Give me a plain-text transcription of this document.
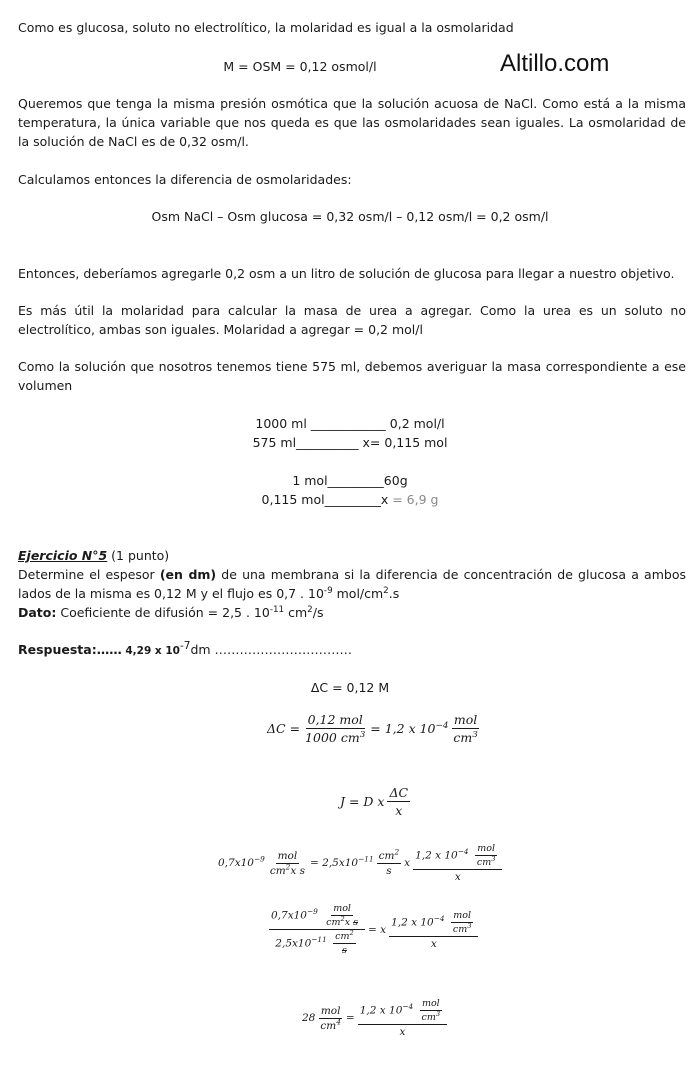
Altillo.com
Como es glucosa, soluto no electrolítico, la molaridad es igual a la osmolaridad
M = OSM = 0,12 osmol/l
Queremos que tenga la misma presión osmótica que la solución acuosa de NaCl. Como está a la misma temperatura, la única variable que nos queda es que las osmolaridades sean iguales. La osmolaridad de la solución de NaCl es de 0,32 osm/l.
Calculamos entonces la diferencia de osmolaridades:
Osm NaCl – Osm glucosa = 0,32 osm/l – 0,12 osm/l = 0,2 osm/l
Entonces, deberíamos agregarle 0,2 osm a un litro de solución de glucosa para llegar a nuestro objetivo.
Es más útil la molaridad para calcular la masa de urea a agregar. Como la urea es un soluto no electrolítico, ambas son iguales. Molaridad a agregar = 0,2 mol/l
Como la solución que nosotros tenemos tiene 575 ml, debemos averiguar la masa correspondiente a ese volumen
1000 ml ____________ 0,2 mol/l
575 ml__________ x= 0,115 mol
1 mol_________60g
0,115 mol_________x = 6,9 g
Ejercicio N°5 (1 punto)
Determine el espesor (en dm) de una membrana si la diferencia de concentración de glucosa a ambos lados de la misma es 0,12 M y el flujo es 0,7 . $10^{-9}$ mol/$cm^2.s$
Dato: Coeficiente de difusión = 2,5 . $10^{-11}$ $cm^2/s$
Respuesta:…… 4,29 x $10^{-7}dm$ ……………………………
ΔC = 0,12 M
$\Delta C = \frac{\text{0,12 mol}}{1000 cm^3} = 1,2$ x $10^{-4} \frac{\text{mol}}{cm^3}$
J = D x $\frac{\Delta C}{x}$
$0,7x10^{-9} \frac{\text{mol}}{cm^2x s} = 2,5x10^{-11} \frac{cm^2}{s}$ x $\frac{1,2 x 10^{-4} \frac{\text{mol}}{cm^3}}{x}$
$\frac{0,7x10^{-9} \frac{\text{mol}}{cm^2x s}}{2,5x10^{-11} \frac{cm^2}{s}} = x \frac{1,2 x 10^{-4} \frac{\text{mol}}{cm^3}}{x}$
$28 \frac{\text{mol}}{cm^4} = \frac{1,2 x 10^{-4} \frac{\text{mol}}{cm^3}}{x}$
